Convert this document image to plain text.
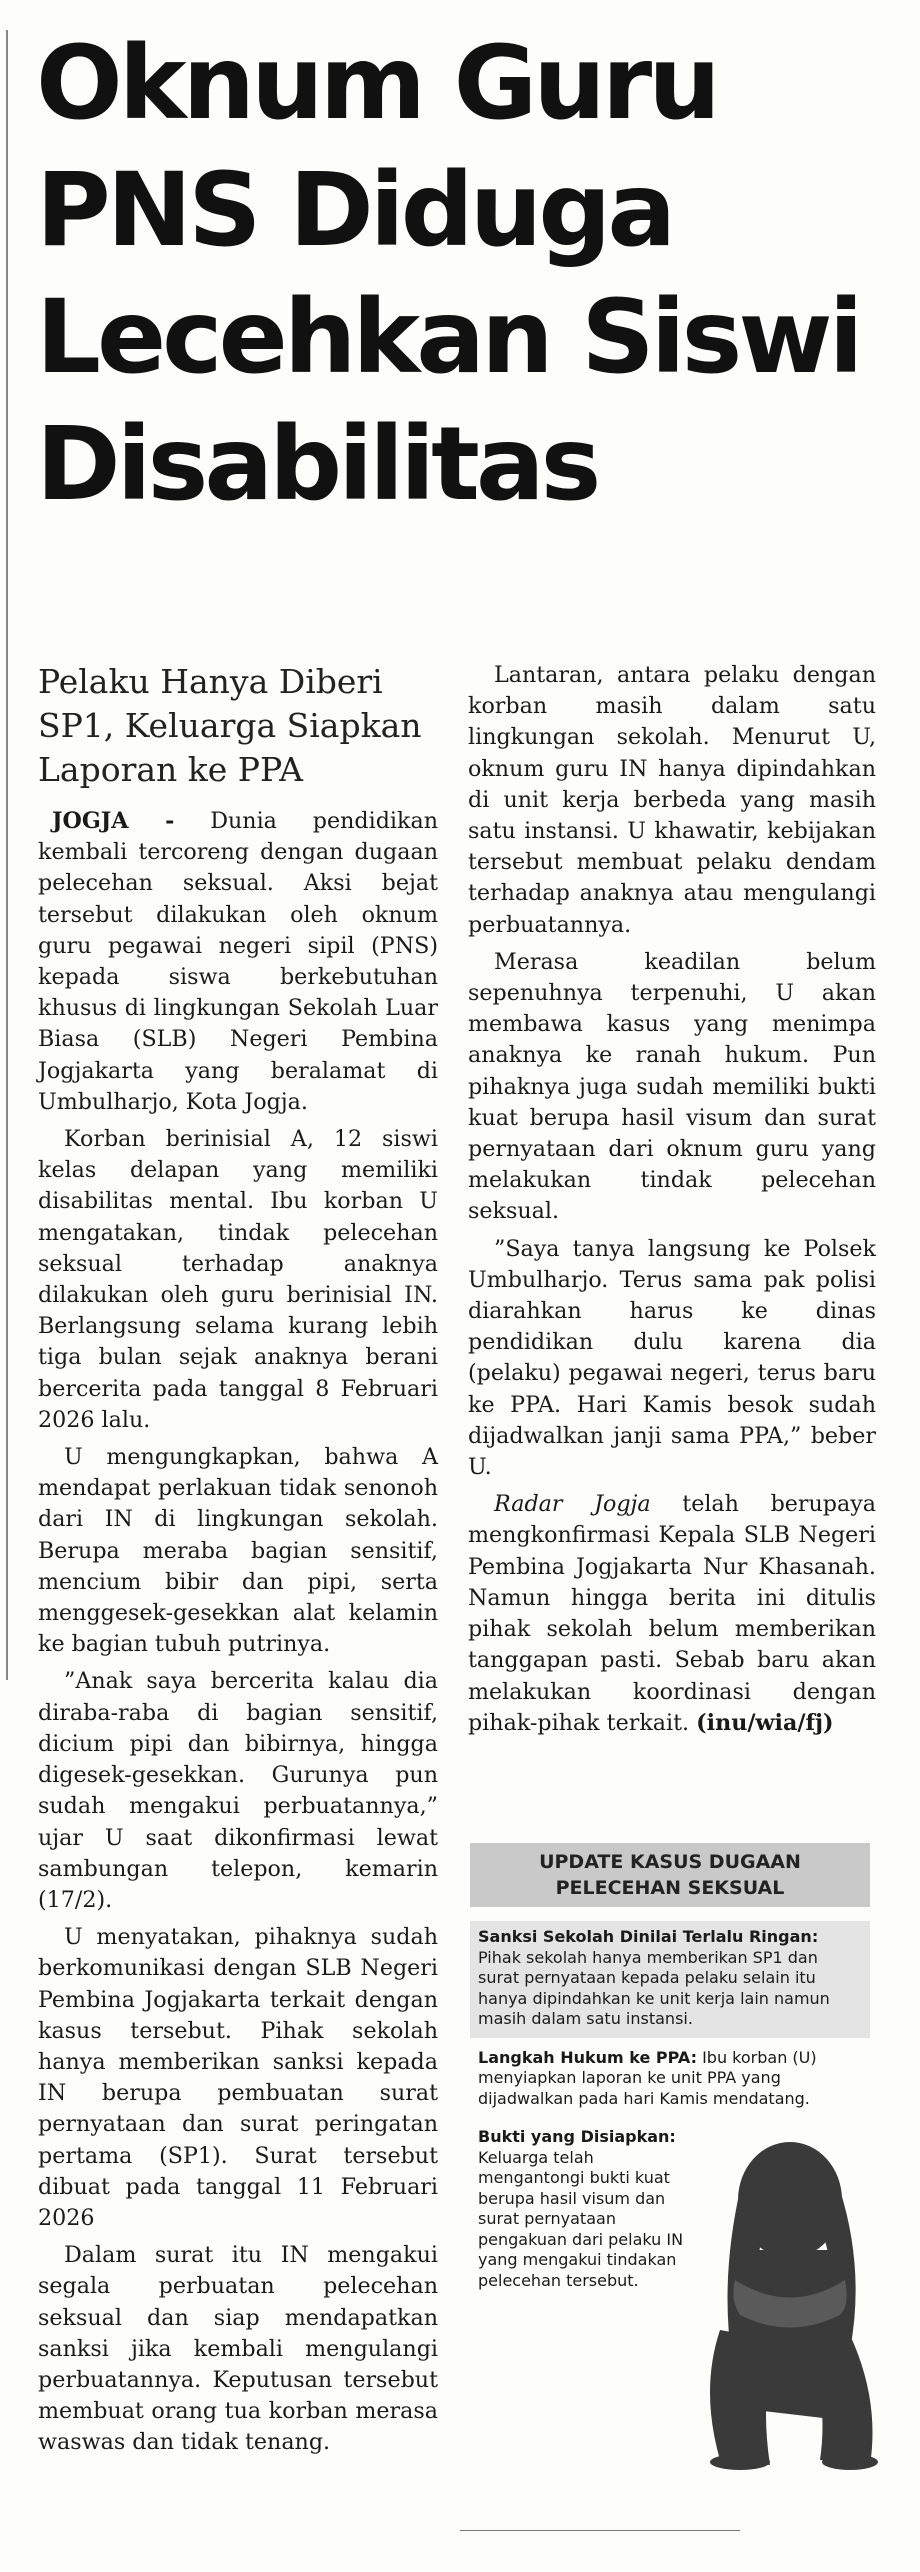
Oknum Guru
PNS Diduga
Lecehkan Siswi
Disabilitas
Pelaku Hanya Diberi SP1, Keluarga Siapkan Laporan ke PPA

JOGJA - Dunia pendidikan kembali tercoreng dengan dugaan pelecehan seksual. Aksi bejat tersebut dilakukan oleh oknum guru pegawai negeri sipil (PNS) kepada siswa berkebutuhan khusus di lingkungan Sekolah Luar Biasa (SLB) Negeri Pembina Jogjakarta yang beralamat di Umbulharjo, Kota Jogja.

Korban berinisial A, 12 siswi kelas delapan yang memiliki disabilitas mental. Ibu korban U mengatakan, tindak pelecehan seksual terhadap anaknya dilakukan oleh guru berinisial IN. Berlangsung selama kurang lebih tiga bulan sejak anaknya berani bercerita pada tanggal 8 Februari 2026 lalu.

U mengungkapkan, bahwa A mendapat perlakuan tidak senonoh dari IN di lingkungan sekolah. Berupa meraba bagian sensitif, mencium bibir dan pipi, serta menggesek-gesekkan alat kelamin ke bagian tubuh putrinya.

”Anak saya bercerita kalau dia diraba-raba di bagian sensitif, dicium pipi dan bibirnya, hingga digesek-gesekkan. Gurunya pun sudah mengakui perbuatannya,” ujar U saat dikonfirmasi lewat sambungan telepon, kemarin (17/2).

U menyatakan, pihaknya sudah berkomunikasi dengan SLB Negeri Pembina Jogjakarta terkait dengan kasus tersebut. Pihak sekolah hanya memberikan sanksi kepada IN berupa pembuatan surat pernyataan dan surat peringatan pertama (SP1). Surat tersebut dibuat pada tanggal 11 Februari 2026

Dalam surat itu IN mengakui segala perbuatan pelecehan seksual dan siap mendapatkan sanksi jika kembali mengulangi perbuatannya. Keputusan tersebut membuat orang tua korban merasa waswas dan tidak tenang.

Lantaran, antara pelaku dengan korban masih dalam satu lingkungan sekolah. Menurut U, oknum guru IN hanya dipindahkan di unit kerja berbeda yang masih satu instansi. U khawatir, kebijakan tersebut membuat pelaku dendam terhadap anaknya atau mengulangi perbuatannya.

Merasa keadilan belum sepenuhnya terpenuhi, U akan membawa kasus yang menimpa anaknya ke ranah hukum. Pun pihaknya juga sudah memiliki bukti kuat berupa hasil visum dan surat pernyataan dari oknum guru yang melakukan tindak pelecehan seksual.

”Saya tanya langsung ke Polsek Umbulharjo. Terus sama pak polisi diarahkan harus ke dinas pendidikan dulu karena dia (pelaku) pegawai negeri, terus baru ke PPA. Hari Kamis besok sudah dijadwalkan janji sama PPA,” beber U.

Radar Jogja telah berupaya mengkonfirmasi Kepala SLB Negeri Pembina Jogjakarta Nur Khasanah. Namun hingga berita ini ditulis pihak sekolah belum memberikan tanggapan pasti. Sebab baru akan melakukan koordinasi dengan pihak-pihak terkait. (inu/wia/fj)

UPDATE KASUS DUGAAN PELECEHAN SEKSUAL
Sanksi Sekolah Dinilai Terlalu Ringan: Pihak sekolah hanya memberikan SP1 dan surat pernyataan kepada pelaku selain itu hanya dipindahkan ke unit kerja lain namun masih dalam satu instansi.
Langkah Hukum ke PPA: Ibu korban (U) menyiapkan laporan ke unit PPA yang dijadwalkan pada hari Kamis mendatang.
Bukti yang Disiapkan: Keluarga telah mengantongi bukti kuat berupa hasil visum dan surat pernyataan pengakuan dari pelaku IN yang mengakui tindakan pelecehan tersebut.
